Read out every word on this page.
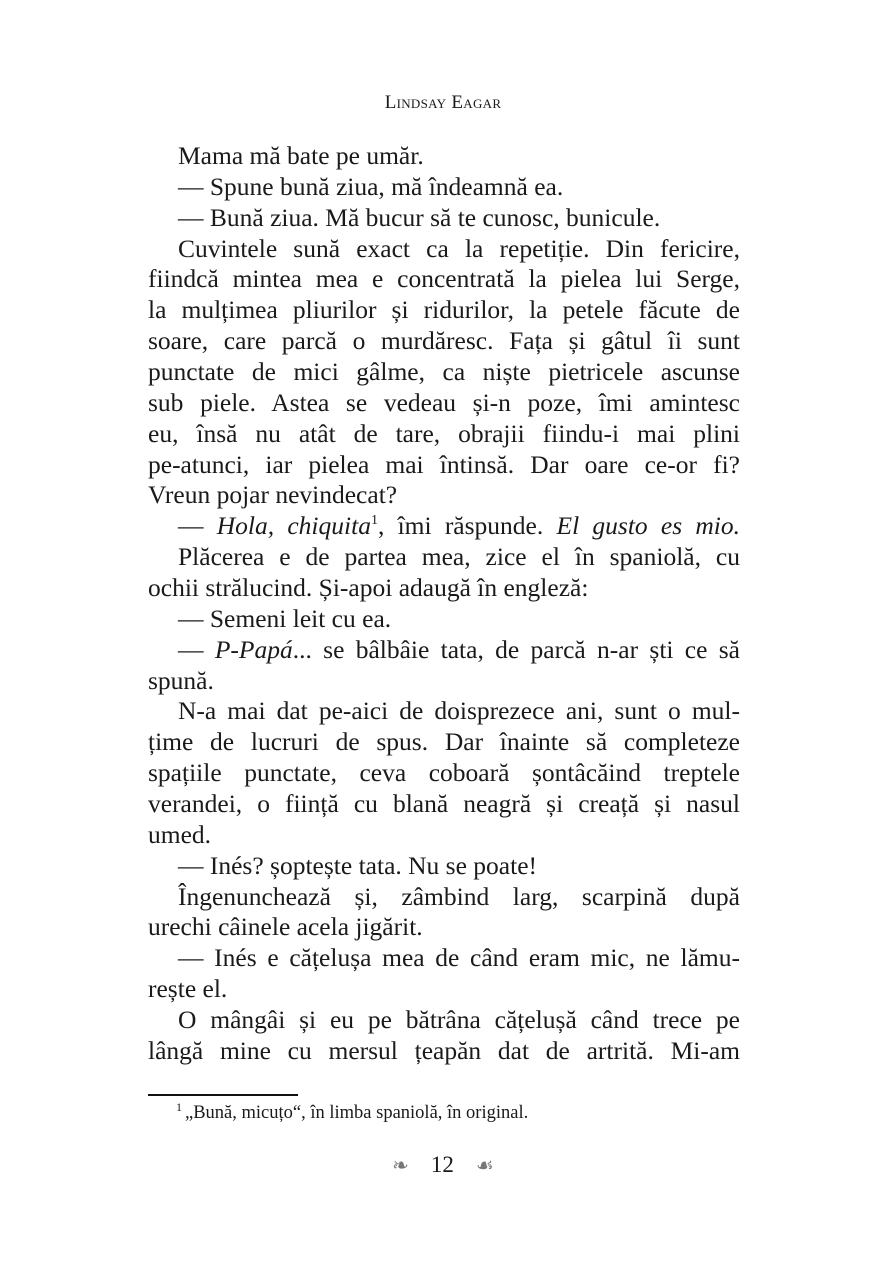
Lindsay Eagar
Mama mă bate pe umăr.
— Spune bună ziua, mă îndeamnă ea.
— Bună ziua. Mă bucur să te cunosc, bunicule.
Cuvintele sună exact ca la repetiție. Din fericire,
fiindcă mintea mea e concentrată la pielea lui Serge,
la mulțimea pliurilor și ridurilor, la petele făcute de
soare, care parcă o murdăresc. Fața și gâtul îi sunt
punctate de mici gâlme, ca niște pietricele ascunse
sub piele. Astea se vedeau și-n poze, îmi amintesc
eu, însă nu atât de tare, obrajii fiindu-i mai plini
pe-atunci, iar pielea mai întinsă. Dar oare ce-or fi?
Vreun pojar nevindecat?
— Hola, chiquita$^1$, îmi răspunde. El gusto es mio.
Plăcerea e de partea mea, zice el în spaniolă, cu
ochii strălucind. Și-apoi adaugă în engleză:
— Semeni leit cu ea.
— P-Papá... se bâlbâie tata, de parcă n-ar ști ce să
spună.
N-a mai dat pe-aici de doisprezece ani, sunt o mul-
țime de lucruri de spus. Dar înainte să completeze
spațiile punctate, ceva coboară șontâcăind treptele
verandei, o ființă cu blană neagră și creață și nasul
umed.
— Inés? șoptește tata. Nu se poate!
Îngenunchează și, zâmbind larg, scarpină după
urechi câinele acela jigărit.
— Inés e cățelușa mea de când eram mic, ne lămu-
rește el.
O mângâi și eu pe bătrâna cățelușă când trece pe
lângă mine cu mersul țeapăn dat de artrită. Mi-am
$^1$ „Bună, micuțo“, în limba spaniolă, în original.
❧ 12 ☙
